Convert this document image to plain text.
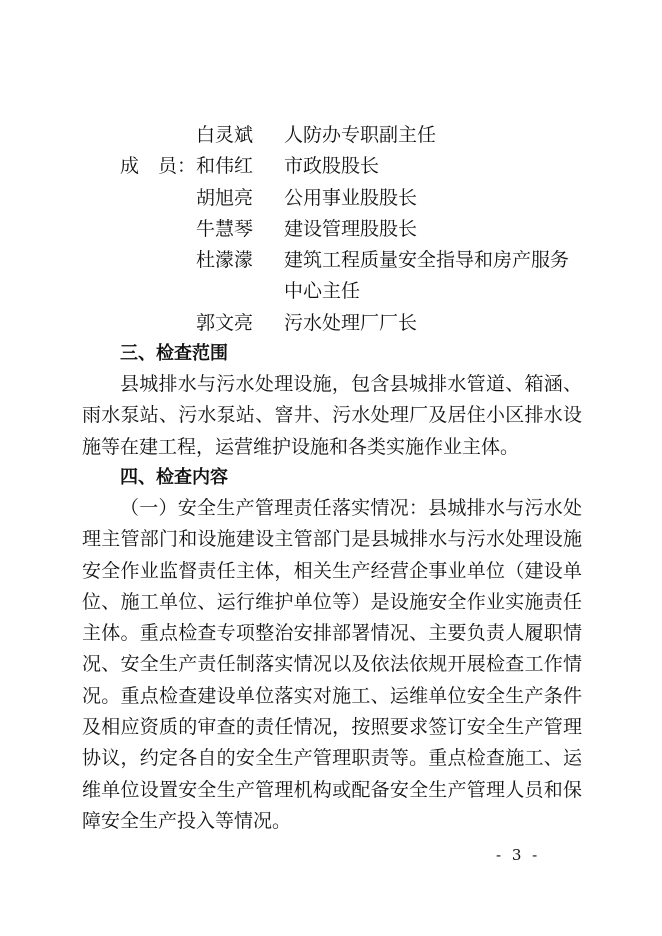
白灵斌 人防办专职副主任
成　员： 和伟红 市政股股长
胡旭亮 公用事业股股长
牛慧琴 建设管理股股长
杜濛濛 建筑工程质量安全指导和房产服务
中心主任
郭文亮 污水处理厂厂长
三、检查范围
县城排水与污水处理设施，包含县城排水管道、箱涵、雨水泵站、污水泵站、窨井、污水处理厂及居住小区排水设施等在建工程，运营维护设施和各类实施作业主体。
四、检查内容
（一）安全生产管理责任落实情况：县城排水与污水处理主管部门和设施建设主管部门是县城排水与污水处理设施安全作业监督责任主体，相关生产经营企事业单位（建设单位、施工单位、运行维护单位等）是设施安全作业实施责任主体。重点检查专项整治安排部署情况、主要负责人履职情况、安全生产责任制落实情况以及依法依规开展检查工作情况。重点检查建设单位落实对施工、运维单位安全生产条件及相应资质的审查的责任情况，按照要求签订安全生产管理协议，约定各自的安全生产管理职责等。重点检查施工、运维单位设置安全生产管理机构或配备安全生产管理人员和保障安全生产投入等情况。
- 3 -
